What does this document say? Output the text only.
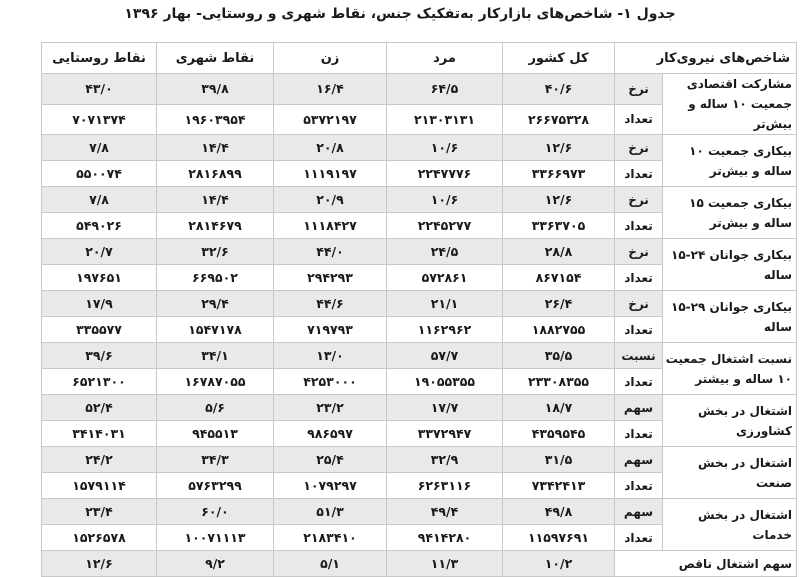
جدول ۱- شاخص‌های بازارکار به‌تفکیک جنس، نقاط شهری و روستایی- بهار ۱۳۹۶
شاخص‌های نیروی‌کار		کل کشور	مرد	زن	نقاط شهری	نقاط روستایی
مشارکت اقتصادی جمعیت ۱۰ ساله و بیش‌تر	نرخ	۴۰/۶	۶۴/۵	۱۶/۴	۳۹/۸	۴۳/۰
	تعداد	۲۶۶۷۵۳۲۸	۲۱۳۰۳۱۳۱	۵۳۷۲۱۹۷	۱۹۶۰۳۹۵۴	۷۰۷۱۳۷۴
بیکاری جمعیت ۱۰ ساله و بیش‌تر	نرخ	۱۲/۶	۱۰/۶	۲۰/۸	۱۴/۴	۷/۸
	تعداد	۳۳۶۶۹۷۳	۲۲۴۷۷۷۶	۱۱۱۹۱۹۷	۲۸۱۶۸۹۹	۵۵۰۰۷۴
بیکاری جمعیت ۱۵ ساله و بیش‌تر	نرخ	۱۲/۶	۱۰/۶	۲۰/۹	۱۴/۴	۷/۸
	تعداد	۳۳۶۳۷۰۵	۲۲۴۵۲۷۷	۱۱۱۸۴۲۷	۲۸۱۴۶۷۹	۵۴۹۰۲۶
بیکاری جوانان ۲۴-۱۵ ساله	نرخ	۲۸/۸	۲۴/۵	۴۴/۰	۳۲/۶	۲۰/۷
	تعداد	۸۶۷۱۵۴	۵۷۲۸۶۱	۲۹۴۲۹۳	۶۶۹۵۰۲	۱۹۷۶۵۱
بیکاری جوانان ۲۹-۱۵ ساله	نرخ	۲۶/۴	۲۱/۱	۴۴/۶	۲۹/۴	۱۷/۹
	تعداد	۱۸۸۲۷۵۵	۱۱۶۲۹۶۲	۷۱۹۷۹۳	۱۵۴۷۱۷۸	۳۳۵۵۷۷
نسبت اشتغال جمعیت ۱۰ ساله و بیشتر	نسبت	۳۵/۵	۵۷/۷	۱۳/۰	۳۴/۱	۳۹/۶
	تعداد	۲۳۳۰۸۳۵۵	۱۹۰۵۵۳۵۵	۴۲۵۳۰۰۰	۱۶۷۸۷۰۵۵	۶۵۲۱۳۰۰
اشتغال در بخش کشاورزی	سهم	۱۸/۷	۱۷/۷	۲۳/۲	۵/۶	۵۲/۴
	تعداد	۴۳۵۹۵۴۵	۳۳۷۲۹۴۷	۹۸۶۵۹۷	۹۴۵۵۱۳	۳۴۱۴۰۳۱
اشتغال در بخش صنعت	سهم	۳۱/۵	۳۲/۹	۲۵/۴	۳۴/۳	۲۴/۲
	تعداد	۷۳۴۲۴۱۳	۶۲۶۳۱۱۶	۱۰۷۹۲۹۷	۵۷۶۳۲۹۹	۱۵۷۹۱۱۴
اشتغال در بخش خدمات	سهم	۴۹/۸	۴۹/۴	۵۱/۳	۶۰/۰	۲۳/۴
	تعداد	۱۱۵۹۷۶۹۱	۹۴۱۴۲۸۰	۲۱۸۳۴۱۰	۱۰۰۷۱۱۱۳	۱۵۲۶۵۷۸
سهم اشتغال ناقص		۱۰/۲	۱۱/۳	۵/۱	۹/۲	۱۲/۶
